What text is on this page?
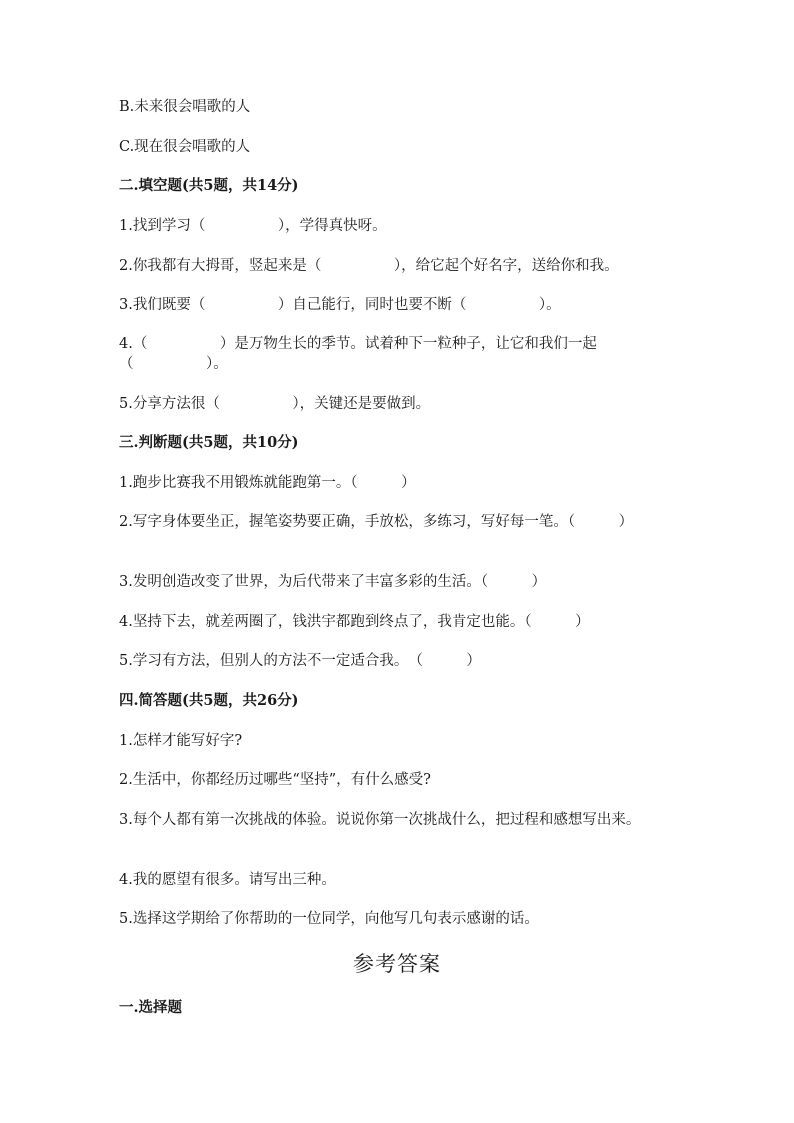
B.未来很会唱歌的人
C.现在很会唱歌的人
二.填空题(共5题，共14分)
1.找到学习（　　　　　），学得真快呀。
2.你我都有大拇哥，竖起来是（　　　　　），给它起个好名字，送给你和我。
3.我们既要（　　　　　）自己能行，同时也要不断（　　　　　）。
4.（　　　　　）是万物生长的季节。试着种下一粒种子，让它和我们一起（　　　　　）。
5.分享方法很（　　　　　），关键还是要做到。
三.判断题(共5题，共10分)
1.跑步比赛我不用锻炼就能跑第一。（　　　）
2.写字身体要坐正，握笔姿势要正确，手放松，多练习，写好每一笔。（　　　）
3.发明创造改变了世界，为后代带来了丰富多彩的生活。（　　　）
4.坚持下去，就差两圈了，钱洪宇都跑到终点了，我肯定也能。（　　　）
5.学习有方法，但别人的方法不一定适合我。　（　　　）
四.简答题(共5题，共26分)
1.怎样才能写好字?
2.生活中，你都经历过哪些“坚持”，有什么感受?
3.每个人都有第一次挑战的体验。说说你第一次挑战什么，把过程和感想写出来。
4.我的愿望有很多。请写出三种。
5.选择这学期给了你帮助的一位同学，向他写几句表示感谢的话。
参考答案
一.选择题
